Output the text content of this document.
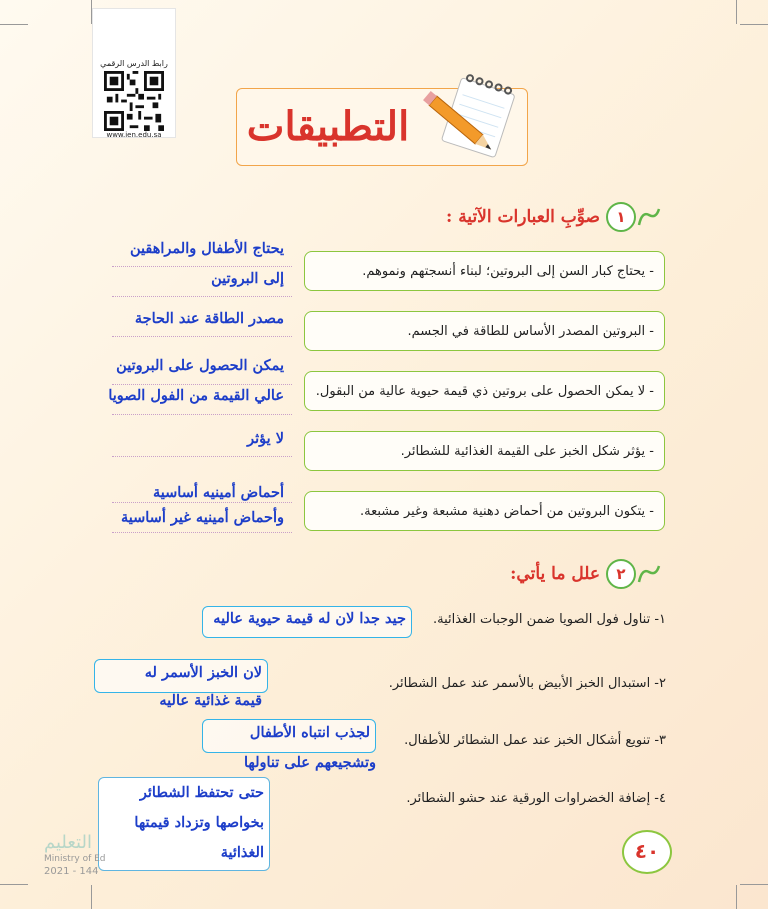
رابط الدرس الرقمي
www.ien.edu.sa	التطبيقات
١
صوِّبِ العبارات الآتية :
- يحتاج كبار السن إلى البروتين؛ لبناء أنسجتهم ونموهم.
- البروتين المصدر الأساس للطاقة في الجسم.
- لا يمكن الحصول على بروتين ذي قيمة حيوية عالية من البقول.
- يؤثر شكل الخبز على القيمة الغذائية للشطائر.
- يتكون البروتين من أحماض دهنية مشبعة وغير مشبعة.
يحتاج الأطفال والمراهقين
إلى البروتين
مصدر الطاقة عند الحاجة
يمكن الحصول على البروتين
عالي القيمة من الفول الصويا
لا يؤثر
أحماض أمينيه أساسية
وأحماض أمينيه غير أساسية
٢
علل ما يأتي:
١- تناول فول الصويا ضمن الوجبات الغذائية.
٢- استبدال الخبز الأبيض بالأسمر عند عمل الشطائر.
٣- تنويع أشكال الخبز عند عمل الشطائر للأطفال.
٤- إضافة الخضراوات الورقية عند حشو الشطائر.
جيد جدا لان له قيمة حيوية عاليه
لان الخبز الأسمر له
قيمة غذائية عاليه
لجذب انتباه الأطفال
وتشجيعهم على تناولها
حتى تحتفظ الشطائر
بخواصها وتزداد قيمتها
الغذائية
التعليم
Ministry of Ed
2021 - 144
٤٠
